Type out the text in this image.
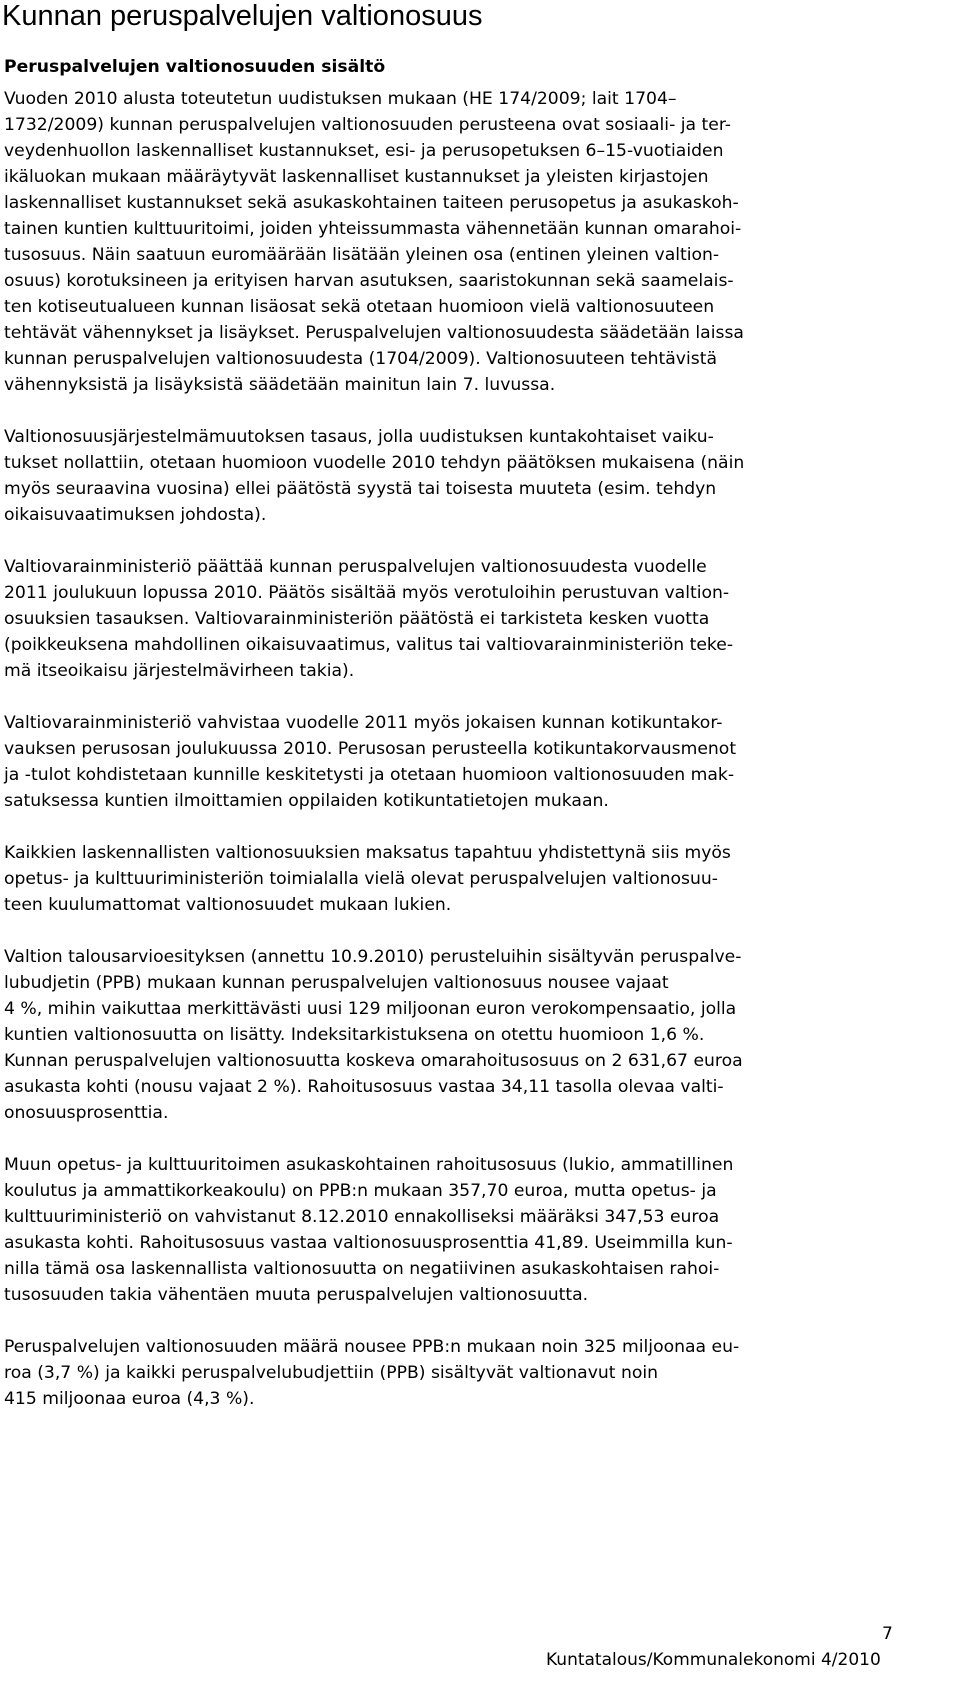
Kunnan peruspalvelujen valtionosuus
Peruspalvelujen valtionosuuden sisältö
Vuoden 2010 alusta toteutetun uudistuksen mukaan (HE 174/2009; lait 1704–
1732/2009) kunnan peruspalvelujen valtionosuuden perusteena ovat sosiaali- ja ter-
veydenhuollon laskennalliset kustannukset, esi- ja perusopetuksen 6–15-vuotiaiden
ikäluokan mukaan määräytyvät laskennalliset kustannukset ja yleisten kirjastojen
laskennalliset kustannukset sekä asukaskohtainen taiteen perusopetus ja asukaskoh-
tainen kuntien kulttuuritoimi, joiden yhteissummasta vähennetään kunnan omarahoi-
tusosuus. Näin saatuun euromäärään lisätään yleinen osa (entinen yleinen valtion-
osuus) korotuksineen ja erityisen harvan asutuksen, saaristokunnan sekä saamelais-
ten kotiseutualueen kunnan lisäosat sekä otetaan huomioon vielä valtionosuuteen
tehtävät vähennykset ja lisäykset. Peruspalvelujen valtionosuudesta säädetään laissa
kunnan peruspalvelujen valtionosuudesta (1704/2009). Valtionosuuteen tehtävistä
vähennyksistä ja lisäyksistä säädetään mainitun lain 7. luvussa.
Valtionosuusjärjestelmämuutoksen tasaus, jolla uudistuksen kuntakohtaiset vaiku-
tukset nollattiin, otetaan huomioon vuodelle 2010 tehdyn päätöksen mukaisena (näin
myös seuraavina vuosina) ellei päätöstä syystä tai toisesta muuteta (esim. tehdyn
oikaisuvaatimuksen johdosta).
Valtiovarainministeriö päättää kunnan peruspalvelujen valtionosuudesta vuodelle
2011 joulukuun lopussa 2010. Päätös sisältää myös verotuloihin perustuvan valtion-
osuuksien tasauksen. Valtiovarainministeriön päätöstä ei tarkisteta kesken vuotta
(poikkeuksena mahdollinen oikaisuvaatimus, valitus tai valtiovarainministeriön teke-
mä itseoikaisu järjestelmävirheen takia).
Valtiovarainministeriö vahvistaa vuodelle 2011 myös jokaisen kunnan kotikuntakor-
vauksen perusosan joulukuussa 2010. Perusosan perusteella kotikuntakorvausmenot
ja -tulot kohdistetaan kunnille keskitetysti ja otetaan huomioon valtionosuuden mak-
satuksessa kuntien ilmoittamien oppilaiden kotikuntatietojen mukaan.
Kaikkien laskennallisten valtionosuuksien maksatus tapahtuu yhdistettynä siis myös
opetus- ja kulttuuriministeriön toimialalla vielä olevat peruspalvelujen valtionosuu-
teen kuulumattomat valtionosuudet mukaan lukien.
Valtion talousarvioesityksen (annettu 10.9.2010) perusteluihin sisältyvän peruspalve-
lubudjetin (PPB) mukaan kunnan peruspalvelujen valtionosuus nousee vajaat
4 %, mihin vaikuttaa merkittävästi uusi 129 miljoonan euron verokompensaatio, jolla
kuntien valtionosuutta on lisätty. Indeksitarkistuksena on otettu huomioon 1,6 %.
Kunnan peruspalvelujen valtionosuutta koskeva omarahoitusosuus on 2 631,67 euroa
asukasta kohti (nousu vajaat 2 %). Rahoitusosuus vastaa 34,11 tasolla olevaa valti-
onosuusprosenttia.
Muun opetus- ja kulttuuritoimen asukaskohtainen rahoitusosuus (lukio, ammatillinen
koulutus ja ammattikorkeakoulu) on PPB:n mukaan 357,70 euroa, mutta opetus- ja
kulttuuriministeriö on vahvistanut 8.12.2010 ennakolliseksi määräksi 347,53 euroa
asukasta kohti. Rahoitusosuus vastaa valtionosuusprosenttia 41,89. Useimmilla kun-
nilla tämä osa laskennallista valtionosuutta on negatiivinen asukaskohtaisen rahoi-
tusosuuden takia vähentäen muuta peruspalvelujen valtionosuutta.
Peruspalvelujen valtionosuuden määrä nousee PPB:n mukaan noin 325 miljoonaa eu-
roa (3,7 %) ja kaikki peruspalvelubudjettiin (PPB) sisältyvät valtionavut noin
415 miljoonaa euroa (4,3 %).
7
Kuntatalous/Kommunalekonomi 4/2010
